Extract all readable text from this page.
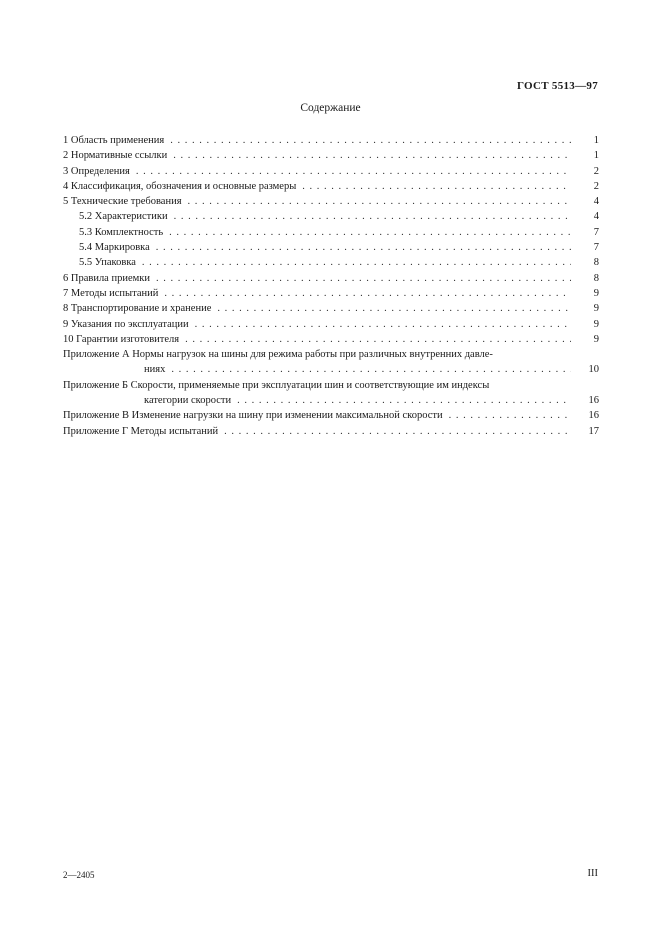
ГОСТ 5513—97
Содержание
1 Область применения . . .	1
2 Нормативные ссылки . . .	1
3 Определения . . .	2
4 Классификация, обозначения и основные размеры . . .	2
5 Технические требования . . .	4
5.2 Характеристики . . .	4
5.3 Комплектность . . .	7
5.4 Маркировка . . .	7
5.5 Упаковка . . .	8
6 Правила приемки . . .	8
7 Методы испытаний . . .	9
8 Транспортирование и хранение . . .	9
9 Указания по эксплуатации . . .	9
10 Гарантии изготовителя . . .	9
Приложение А Нормы нагрузок на шины для режима работы при различных внутренних давле-
ниях . . .	10
Приложение Б Скорости, применяемые при эксплуатации шин и соответствующие им индексы
категории скорости . . .	16
Приложение В Изменение нагрузки на шину при изменении максимальной скорости . . .	16
Приложение Г Методы испытаний . . .	17
2—2405	III
